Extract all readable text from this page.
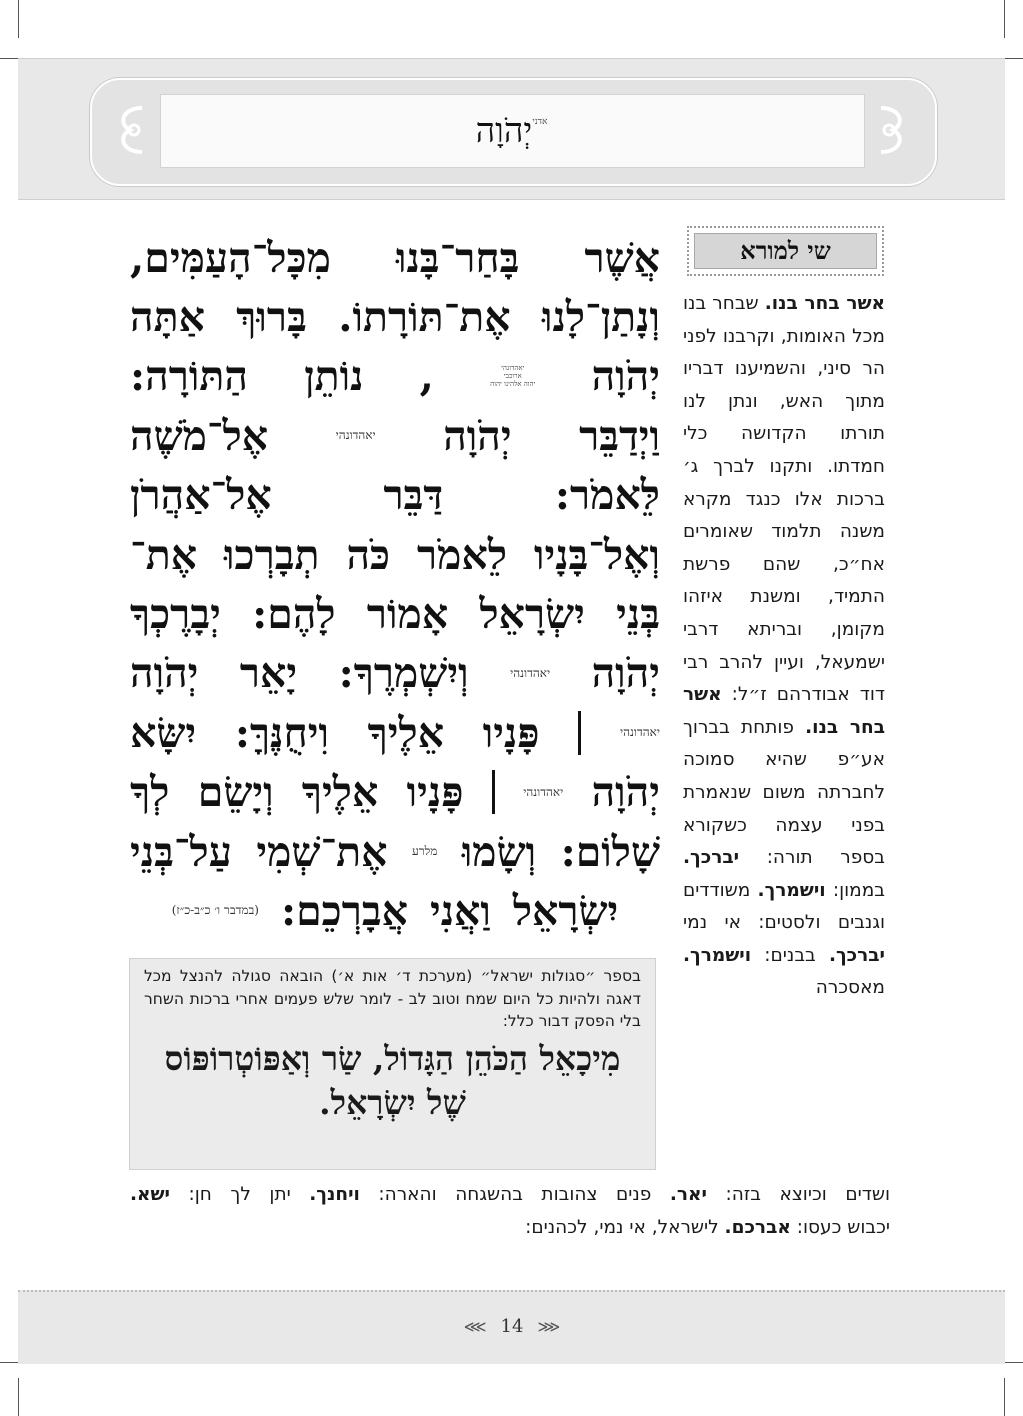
יְהֹוָה אדני
שי למורא
אשר בחר בנו. שבחר בנו מכל האומות, וקרבנו לפני הר סיני, והשמיענו דבריו מתוך האש, ונתן לנו תורתו הקדושה כלי חמדתו. ותקנו לברך ג׳ ברכות אלו כנגד מקרא משנה תלמוד שאומרים אח״כ, שהם פרשת התמיד, ומשנת איזהו מקומן, ובריתא דרבי ישמעאל, ועיין להרב רבי דוד אבודרהם ז״ל: אשר בחר בנו. פותחת בברוך אע״פ שהיא סמוכה לחברתה משום שנאמרת בפני עצמה כשקורא בספר תורה: יברכך. בממון: וישמרך. משודדים וגנבים ולסטים: אי נמי יברכך. בבנים: וישמרך. מאסכרה
אֲשֶׁר
בָּחַר־בָּנוּ
מִכָּל־הָעַמִּים,
וְנָתַן־לָנוּ
אֶת־תּוֹרָתוֹ.
בָּרוּךְ
אַתָּה
יְהֹוָה
יאהדונהי
ארוכבי
יהוה אלהינו יהוה
,
נוֹתֵן
הַתּוֹרָה:
וַיְדַבֵּר
יְהֹוָה
יאהדונהי
אֶל־מֹשֶׁה
לֵּאמֹר:
דַּבֵּר
אֶל־אַהֲרֹן
וְאֶל־בָּנָיו
לֵאמֹר
כֹּה
תְבָרְכוּ
אֶת־
בְּנֵי
יִשְׂרָאֵל
אָמוֹר
לָהֶם:
יְבָרֶכְךָ
יְהֹוָה
יאהדונהי
וְיִשְׁמְרֶךָ:
יָאֵר
יְהֹוָה
יאהדונהי
פָּנָיו
אֵלֶיךָ
וִיחֻנֶּךָּ:
יִשָּׂא
יְהֹוָה
יאהדונהי
פָּנָיו
אֵלֶיךָ
וְיָשֵׂם
לְךָ
שָׁלוֹם:
וְשָׂמוּ
מלרע
אֶת־שְׁמִי
עַל־בְּנֵי
יִשְׂרָאֵל
וַאֲנִי
אֲבָרְכֵם:
(במדבר ו׳ כ״ב-כ״ז)
בספר ״סגולות ישראל״ (מערכת ד׳ אות א׳) הובאה סגולה להנצל מכל דאגה ולהיות כל היום שמח וטוב לב - לומר שלש פעמים אחרי ברכות השחר בלי הפסק דבור כלל:
מִיכָאֵל הַכֹּהֵן הַגָּדוֹל, שַׂר וְאַפּוֹטְרוֹפּוֹס שֶׁל יִשְׂרָאֵל.
ושדים וכיוצא בזה: יאר. פנים צהובות בהשגחה והארה: ויחנך. יתן לך חן: ישא.
יכבוש כעסו: אברכם. לישראל, אי נמי, לכהנים:
⋘ 14 ⋙
